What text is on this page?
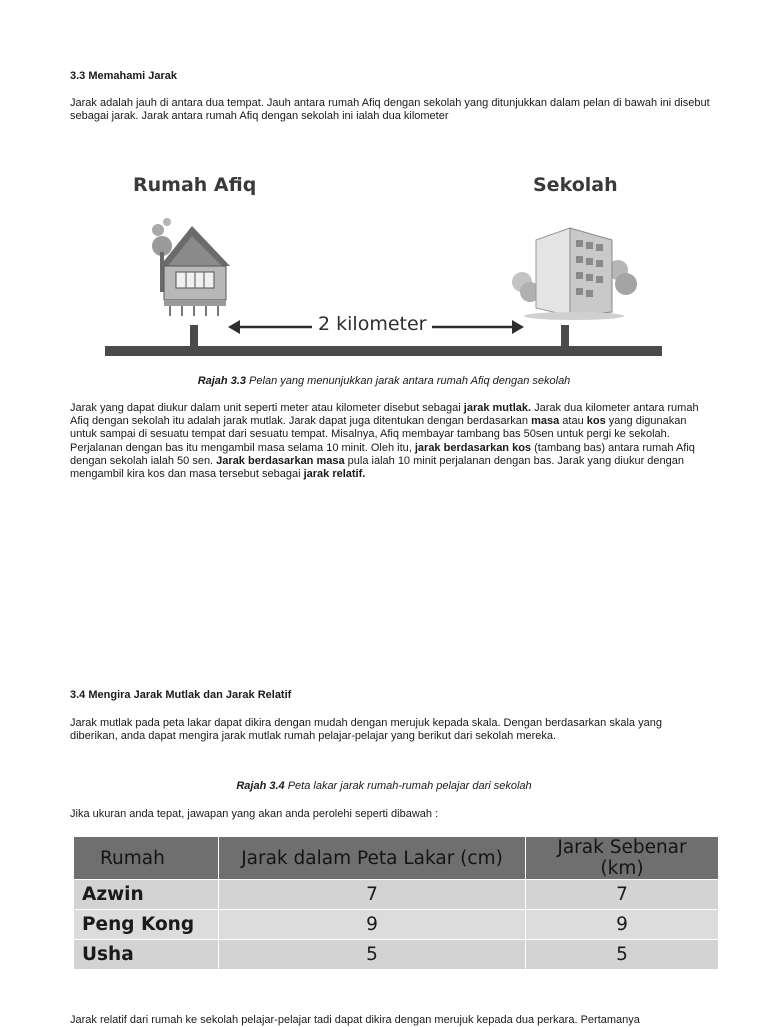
3.3 Memahami Jarak
Jarak adalah jauh di antara dua tempat. Jauh antara rumah Afiq dengan sekolah yang ditunjukkan dalam pelan di bawah ini disebut sebagai jarak. Jarak antara rumah Afiq dengan sekolah ini ialah dua kilometer
Rumah Afiq	Sekolah
2 kilometer
Rajah 3.3 Pelan yang menunjukkan jarak antara rumah Afiq dengan sekolah
Jarak yang dapat diukur dalam unit seperti meter atau kilometer disebut sebagai jarak mutlak. Jarak dua kilometer antara rumah Afiq dengan sekolah itu adalah jarak mutlak. Jarak dapat juga ditentukan dengan berdasarkan masa atau kos yang digunakan untuk sampai di sesuatu tempat dari sesuatu tempat. Misalnya, Afiq membayar tambang bas 50sen untuk pergi ke sekolah. Perjalanan dengan bas itu mengambil masa selama 10 minit. Oleh itu, jarak berdasarkan kos (tambang bas) antara rumah Afiq dengan sekolah ialah 50 sen. Jarak berdasarkan masa pula ialah 10 minit perjalanan dengan bas. Jarak yang diukur dengan mengambil kira kos dan masa tersebut sebagai jarak relatif.
3.4 Mengira Jarak Mutlak dan Jarak Relatif
Jarak mutlak pada peta lakar dapat dikira dengan mudah dengan merujuk kepada skala. Dengan berdasarkan skala yang diberikan, anda dapat mengira jarak mutlak rumah pelajar-pelajar yang berikut dari sekolah mereka.
Rajah 3.4 Peta lakar jarak rumah-rumah pelajar dari sekolah
Jika ukuran anda tepat, jawapan yang akan anda perolehi seperti dibawah :
Rumah	Jarak dalam Peta Lakar (cm)	Jarak Sebenar (km)
Azwin	7	7
Peng Kong	9	9
Usha	5	5
Jarak relatif dari rumah ke sekolah pelajar-pelajar tadi dapat dikira dengan merujuk kepada dua perkara. Pertamanya
